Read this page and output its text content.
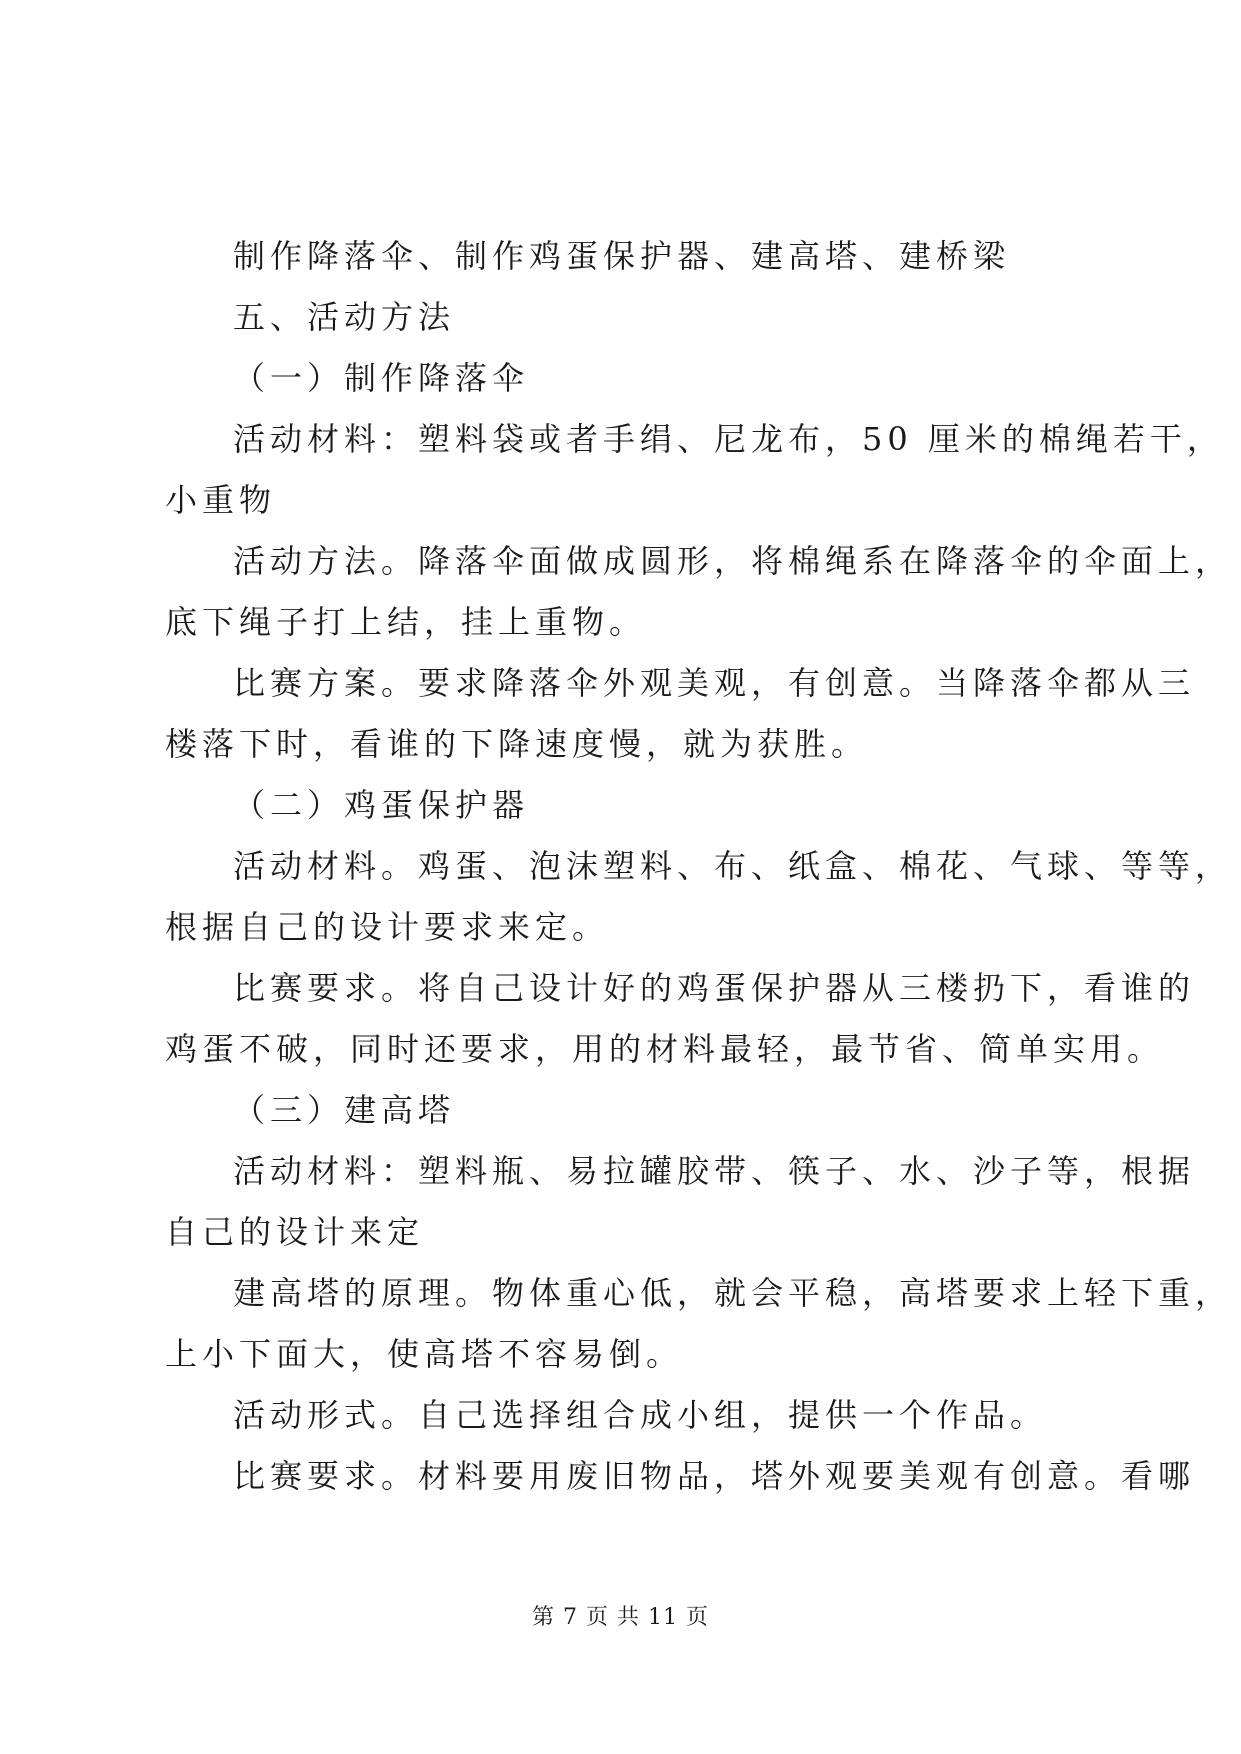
制作降落伞、制作鸡蛋保护器、建高塔、建桥梁
五、活动方法
（一）制作降落伞
活动材料：塑料袋或者手绢、尼龙布，50 厘米的棉绳若干，
小重物
活动方法。降落伞面做成圆形，将棉绳系在降落伞的伞面上，
底下绳子打上结，挂上重物。
比赛方案。要求降落伞外观美观，有创意。当降落伞都从三
楼落下时，看谁的下降速度慢，就为获胜。
（二）鸡蛋保护器
活动材料。鸡蛋、泡沫塑料、布、纸盒、棉花、气球、等等，
根据自己的设计要求来定。
比赛要求。将自己设计好的鸡蛋保护器从三楼扔下，看谁的
鸡蛋不破，同时还要求，用的材料最轻，最节省、简单实用。
（三）建高塔
活动材料：塑料瓶、易拉罐胶带、筷子、水、沙子等，根据
自己的设计来定
建高塔的原理。物体重心低，就会平稳，高塔要求上轻下重，
上小下面大，使高塔不容易倒。
活动形式。自己选择组合成小组，提供一个作品。
比赛要求。材料要用废旧物品，塔外观要美观有创意。看哪
第 7 页 共 11 页
